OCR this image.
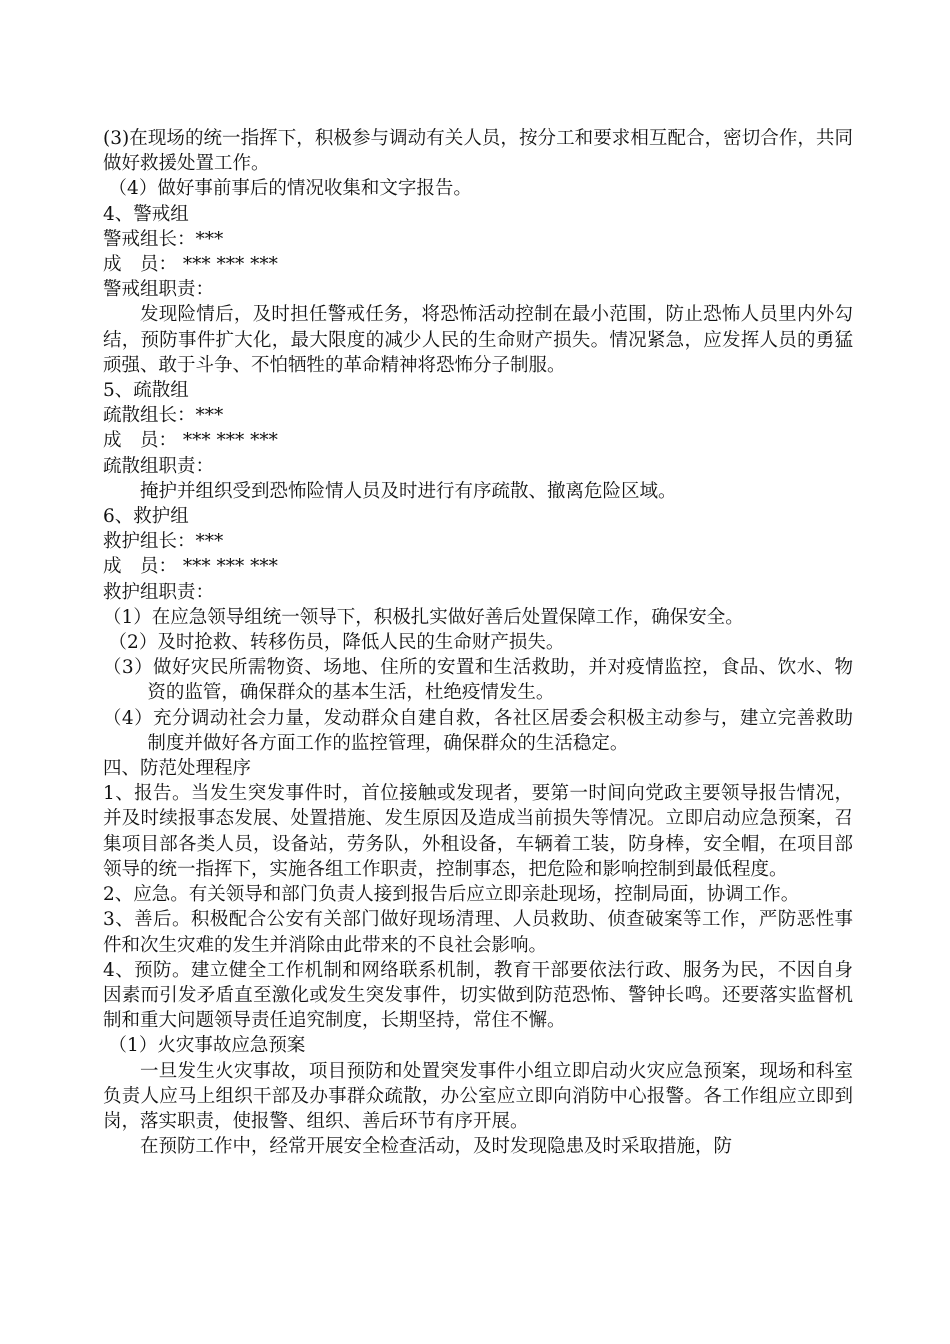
(3)在现场的统一指挥下，积极参与调动有关人员，按分工和要求相互配合，密切合作，共同做好救援处置工作。

（4）做好事前事后的情况收集和文字报告。

4、警戒组

警戒组长：***

成　员： *** *** ***

警戒组职责：

发现险情后，及时担任警戒任务，将恐怖活动控制在最小范围，防止恐怖人员里内外勾结，预防事件扩大化，最大限度的减少人民的生命财产损失。情况紧急，应发挥人员的勇猛顽强、敢于斗争、不怕牺牲的革命精神将恐怖分子制服。

5、疏散组

疏散组长：***

成　员： *** *** ***

疏散组职责：

掩护并组织受到恐怖险情人员及时进行有序疏散、撤离危险区域。

6、救护组

救护组长：***

成　员： *** *** ***

救护组职责：

（1）在应急领导组统一领导下，积极扎实做好善后处置保障工作，确保安全。

（2）及时抢救、转移伤员，降低人民的生命财产损失。

（3）做好灾民所需物资、场地、住所的安置和生活救助，并对疫情监控，食品、饮水、物资的监管，确保群众的基本生活，杜绝疫情发生。

（4）充分调动社会力量，发动群众自建自救，各社区居委会积极主动参与，建立完善救助制度并做好各方面工作的监控管理，确保群众的生活稳定。

四、防范处理程序

1、报告。当发生突发事件时，首位接触或发现者，要第一时间向党政主要领导报告情况，并及时续报事态发展、处置措施、发生原因及造成当前损失等情况。立即启动应急预案，召集项目部各类人员，设备站，劳务队，外租设备，车辆着工装，防身棒，安全帽，在项目部领导的统一指挥下，实施各组工作职责，控制事态，把危险和影响控制到最低程度。

2、应急。有关领导和部门负责人接到报告后应立即亲赴现场，控制局面，协调工作。

3、善后。积极配合公安有关部门做好现场清理、人员救助、侦查破案等工作，严防恶性事件和次生灾难的发生并消除由此带来的不良社会影响。

4、预防。建立健全工作机制和网络联系机制，教育干部要依法行政、服务为民，不因自身因素而引发矛盾直至激化或发生突发事件，切实做到防范恐怖、警钟长鸣。还要落实监督机制和重大问题领导责任追究制度，长期坚持，常住不懈。

（1）火灾事故应急预案

一旦发生火灾事故，项目预防和处置突发事件小组立即启动火灾应急预案，现场和科室负责人应马上组织干部及办事群众疏散，办公室应立即向消防中心报警。各工作组应立即到岗，落实职责，使报警、组织、善后环节有序开展。

在预防工作中，经常开展安全检查活动，及时发现隐患及时采取措施，防
